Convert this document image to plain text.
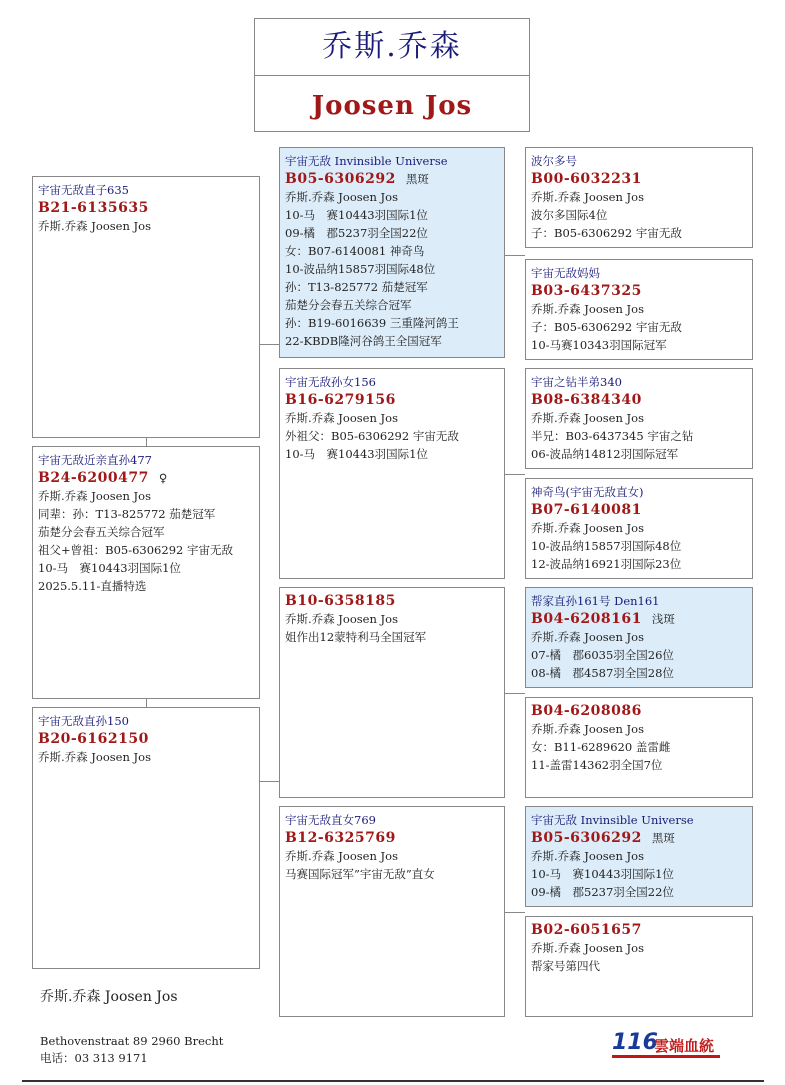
乔斯.乔森
Joosen Jos
宇宙无敌直子635
B21-6135635
乔斯.乔森 Joosen Jos
宇宙无敌近亲直孙477
B24-6200477 ♀
乔斯.乔森 Joosen Jos
同辈：孙：T13-825772 茄楚冠军
茄楚分会春五关综合冠军
祖父+曾祖：B05-6306292 宇宙无敌
10-马　赛10443羽国际1位
2025.5.11-直播特选
宇宙无敌直孙150
B20-6162150
乔斯.乔森 Joosen Jos
宇宙无敌 Invinsible Universe
B05-6306292 黑斑
乔斯.乔森 Joosen Jos
10-马　赛10443羽国际1位
09-橘　郡5237羽全国22位
女：B07-6140081 神奇鸟
10-波品纳15857羽国际48位
孙：T13-825772 茄楚冠军
茄楚分会春五关综合冠军
孙：B19-6016639 三重隆河鸽王
22-KBDB隆河谷鸽王全国冠军
宇宙无敌孙女156
B16-6279156
乔斯.乔森 Joosen Jos
外祖父：B05-6306292 宇宙无敌
10-马　赛10443羽国际1位
B10-6358185
乔斯.乔森 Joosen Jos
姐作出12蒙特利马全国冠军
宇宙无敌直女769
B12-6325769
乔斯.乔森 Joosen Jos
马赛国际冠军”宇宙无敌”直女
波尔多号
B00-6032231
乔斯.乔森 Joosen Jos
波尔多国际4位
子：B05-6306292 宇宙无敌
宇宙无敌妈妈
B03-6437325
乔斯.乔森 Joosen Jos
子：B05-6306292 宇宙无敌
10-马赛10343羽国际冠军
宇宙之钻半弟340
B08-6384340
乔斯.乔森 Joosen Jos
半兄：B03-6437345 宇宙之钻
06-波品纳14812羽国际冠军
神奇鸟(宇宙无敌直女)
B07-6140081
乔斯.乔森 Joosen Jos
10-波品纳15857羽国际48位
12-波品纳16921羽国际23位
帮家直孙161号 Den161
B04-6208161 浅斑
乔斯.乔森 Joosen Jos
07-橘　郡6035羽全国26位
08-橘　郡4587羽全国28位
B04-6208086
乔斯.乔森 Joosen Jos
女：B11-6289620 盖雷雌
11-盖雷14362羽全国7位
宇宙无敌 Invinsible Universe
B05-6306292 黑斑
乔斯.乔森 Joosen Jos
10-马　赛10443羽国际1位
09-橘　郡5237羽全国22位
B02-6051657
乔斯.乔森 Joosen Jos
帮家号第四代
乔斯.乔森 Joosen Jos
Bethovenstraat 89 2960 Brecht
电话：03 313 9171
116
雲端血統
